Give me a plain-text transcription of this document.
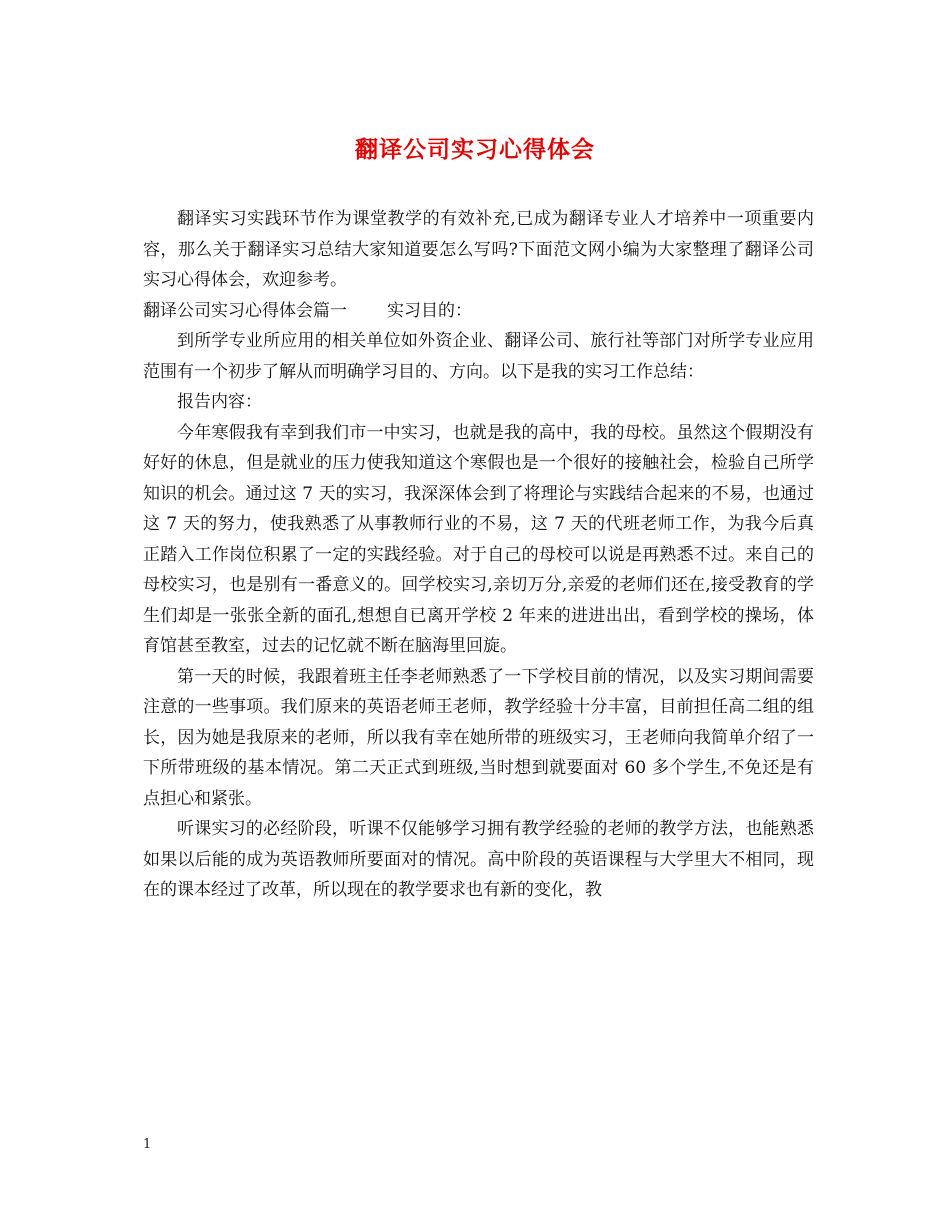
翻译公司实习心得体会

翻译实习实践环节作为课堂教学的有效补充,已成为翻译专业人才培养中一项重要内容，那么关于翻译实习总结大家知道要怎么写吗?下面范文网小编为大家整理了翻译公司实习心得体会，欢迎参考。

翻译公司实习心得体会篇一 实习目的：

到所学专业所应用的相关单位如外资企业、翻译公司、旅行社等部门对所学专业应用范围有一个初步了解从而明确学习目的、方向。以下是我的实习工作总结：

报告内容：

今年寒假我有幸到我们市一中实习，也就是我的高中，我的母校。虽然这个假期没有好好的休息，但是就业的压力使我知道这个寒假也是一个很好的接触社会，检验自己所学知识的机会。通过这 7 天的实习，我深深体会到了将理论与实践结合起来的不易，也通过这 7 天的努力，使我熟悉了从事教师行业的不易，这 7 天的代班老师工作，为我今后真正踏入工作岗位积累了一定的实践经验。对于自己的母校可以说是再熟悉不过。来自己的母校实习，也是别有一番意义的。回学校实习,亲切万分,亲爱的老师们还在,接受教育的学生们却是一张张全新的面孔,想想自已离开学校 2 年来的进进出出，看到学校的操场，体育馆甚至教室，过去的记忆就不断在脑海里回旋。

第一天的时候，我跟着班主任李老师熟悉了一下学校目前的情况，以及实习期间需要注意的一些事项。我们原来的英语老师王老师，教学经验十分丰富，目前担任高二组的组长，因为她是我原来的老师，所以我有幸在她所带的班级实习，王老师向我简单介绍了一下所带班级的基本情况。第二天正式到班级,当时想到就要面对 60 多个学生,不免还是有点担心和紧张。

听课实习的必经阶段，听课不仅能够学习拥有教学经验的老师的教学方法，也能熟悉如果以后能的成为英语教师所要面对的情况。高中阶段的英语课程与大学里大不相同，现在的课本经过了改革，所以现在的教学要求也有新的变化，教

1
